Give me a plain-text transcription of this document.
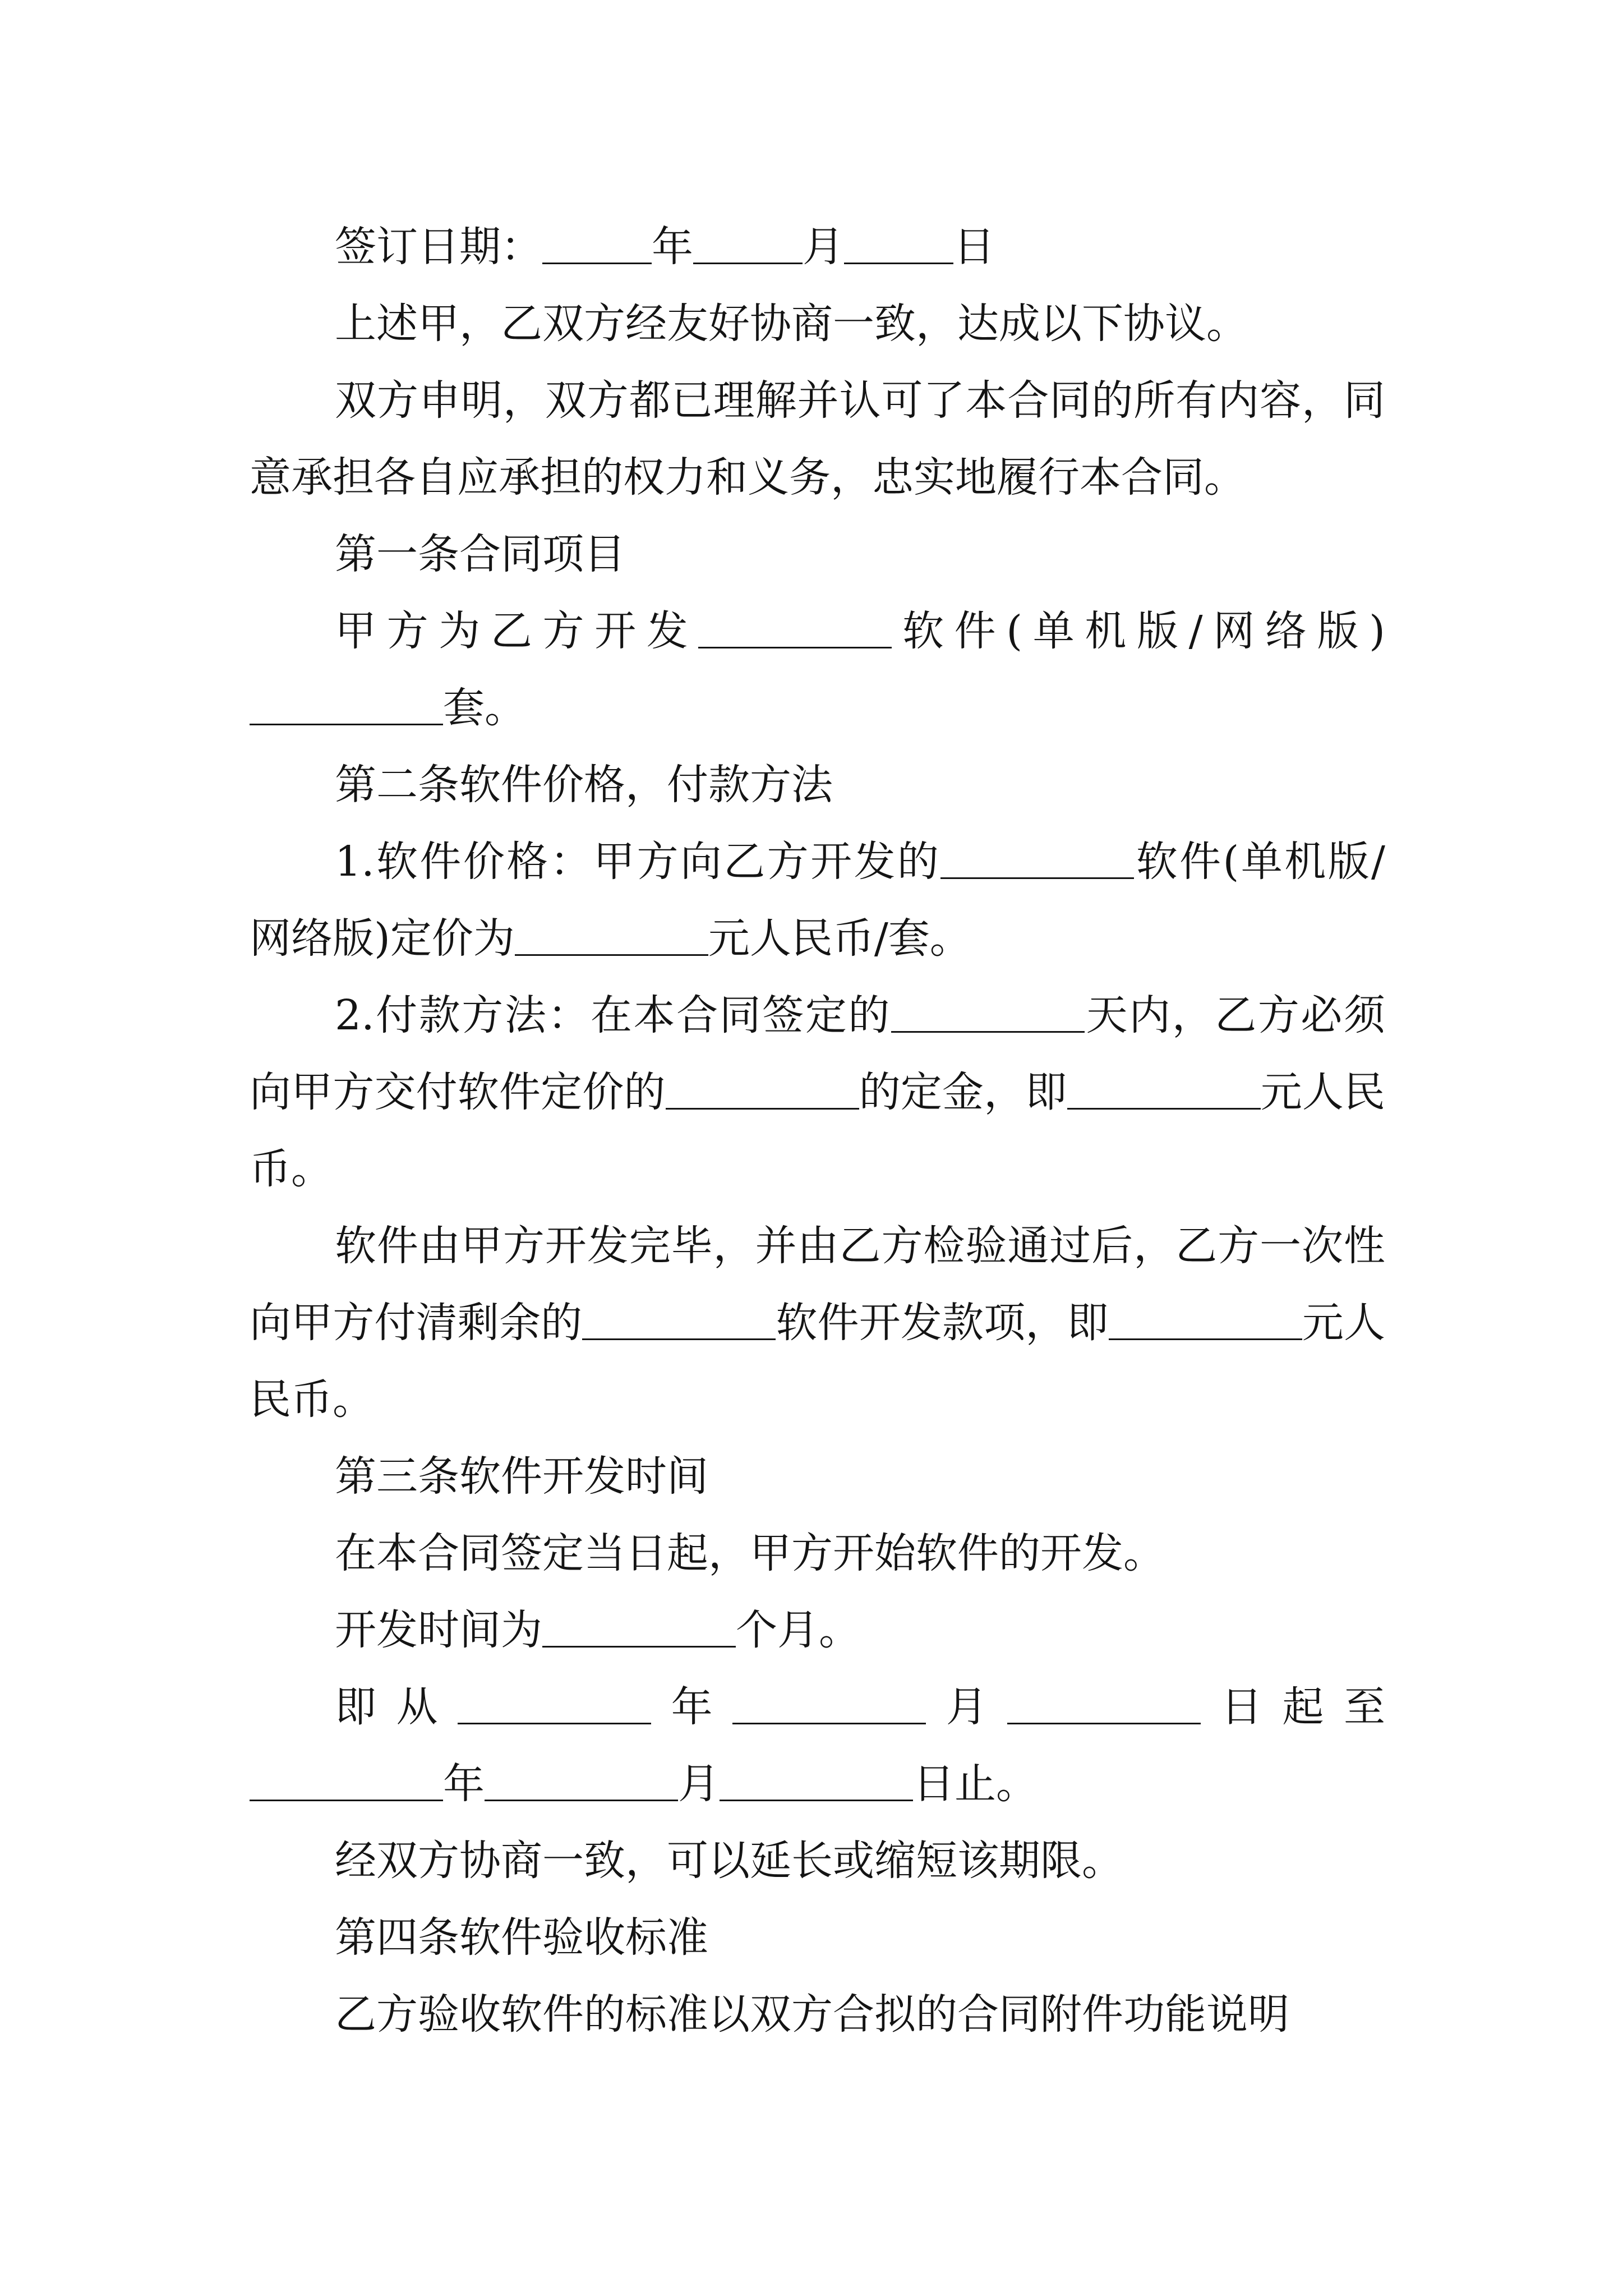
签订日期：	年	月	日

上述甲，乙双方经友好协商一致，达成以下协议。

双方申明，双方都已理解并认可了本合同的所有内容，同意承担各自应承担的权力和义务，忠实地履行本合同。

第一条合同项目

甲方为乙方开发	软件(单机版/网络版)套。

第二条软件价格，付款方法

1.软件价格：甲方向乙方开发的	软件(单机版/网络版)定价为	元人民币/套。

2.付款方法：在本合同签定的	天内，乙方必须向甲方交付软件定价的	的定金，即	元人民币。

软件由甲方开发完毕，并由乙方检验通过后，乙方一次性向甲方付清剩余的	软件开发款项，即	元人民币。

第三条软件开发时间

在本合同签定当日起，甲方开始软件的开发。

开发时间为	个月。

即从	年	月	日起至年	月	日止。

经双方协商一致，可以延长或缩短该期限。

第四条软件验收标准

乙方验收软件的标准以双方合拟的合同附件功能说明
